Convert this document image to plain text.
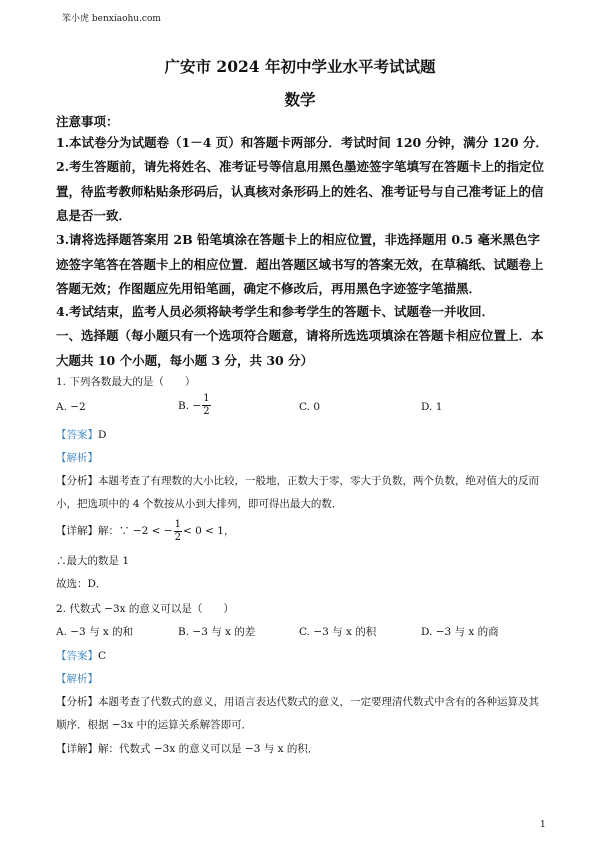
笨小虎 benxiaohu.com
广安市 2024 年初中学业水平考试试题
数学
注意事项：
1.本试卷分为试题卷（1－4 页）和答题卡两部分．考试时间 120 分钟，满分 120 分．
2.考生答题前，请先将姓名、准考证号等信息用黑色墨迹签字笔填写在答题卡上的指定位置，待监考教师粘贴条形码后，认真核对条形码上的姓名、准考证号与自己准考证上的信息是否一致．
3.请将选择题答案用 2B 铅笔填涂在答题卡上的相应位置，非选择题用 0.5 毫米黑色字迹签字笔答在答题卡上的相应位置．超出答题区域书写的答案无效，在草稿纸、试题卷上答题无效；作图题应先用铅笔画，确定不修改后，再用黑色字迹签字笔描黑．
4.考试结束，监考人员必须将缺考学生和参考学生的答题卡、试题卷一并收回．
一、选择题（每小题只有一个选项符合题意，请将所选选项填涂在答题卡相应位置上．本大题共 10 个小题，每小题 3 分，共 30 分）
1. 下列各数最大的是（　　）
A. −2	B. − $\frac{1}{2}$	C. 0	D. 1
【答案】D
【解析】
【分析】本题考查了有理数的大小比较，一般地，正数大于零，零大于负数，两个负数，绝对值大的反而小，把选项中的 4 个数按从小到大排列，即可得出最大的数．
【详解】 解：∵ −2 < − $\frac{1}{2} < 0 < 1$，
∴最大的数是 1
故选：D．
2. 代数式 −3x 的意义可以是（　　）
A. −3 与 x 的和	B. −3 与 x 的差	C. −3 与 x 的积	D. −3 与 x 的商
【答案】C
【解析】
【分析】本题考查了代数式的意义，用语言表达代数式的意义，一定要理清代数式中含有的各种运算及其顺序．根据 −3x 中的运算关系解答即可．
【详解】解：代数式 −3x 的意义可以是 −3 与 x 的积．
1
